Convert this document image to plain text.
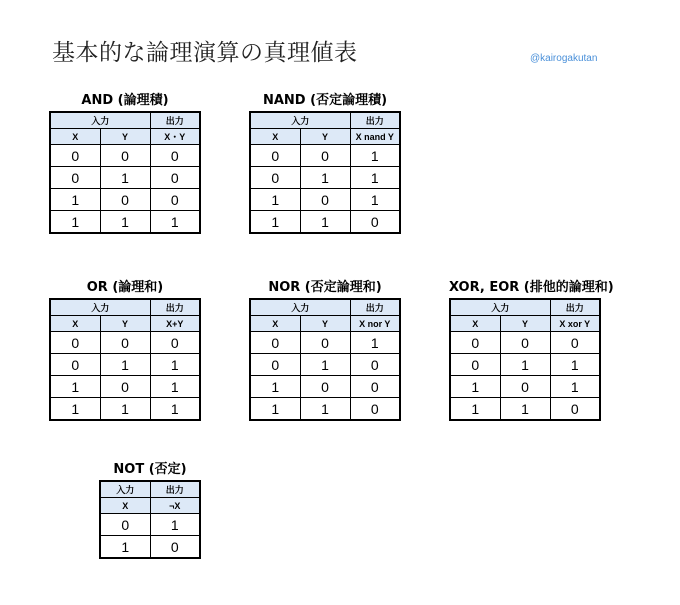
基本的な論理演算の真理値表	@kairogakutan
AND (論理積)
入力		出力
X	Y	X・Y
0	0	0
0	1	0
1	0	0
1	1	1
NAND (否定論理積)
入力		出力
X	Y	X nand Y
0	0	1
0	1	1
1	0	1
1	1	0
OR (論理和)
入力		出力
X	Y	X+Y
0	0	0
0	1	1
1	0	1
1	1	1
NOR (否定論理和)
入力		出力
X	Y	X nor Y
0	0	1
0	1	0
1	0	0
1	1	0
XOR, EOR (排他的論理和)
入力		出力
X	Y	X xor Y
0	0	0
0	1	1
1	0	1
1	1	0
NOT (否定)
入力	出力
X	¬X
0	1
1	0
